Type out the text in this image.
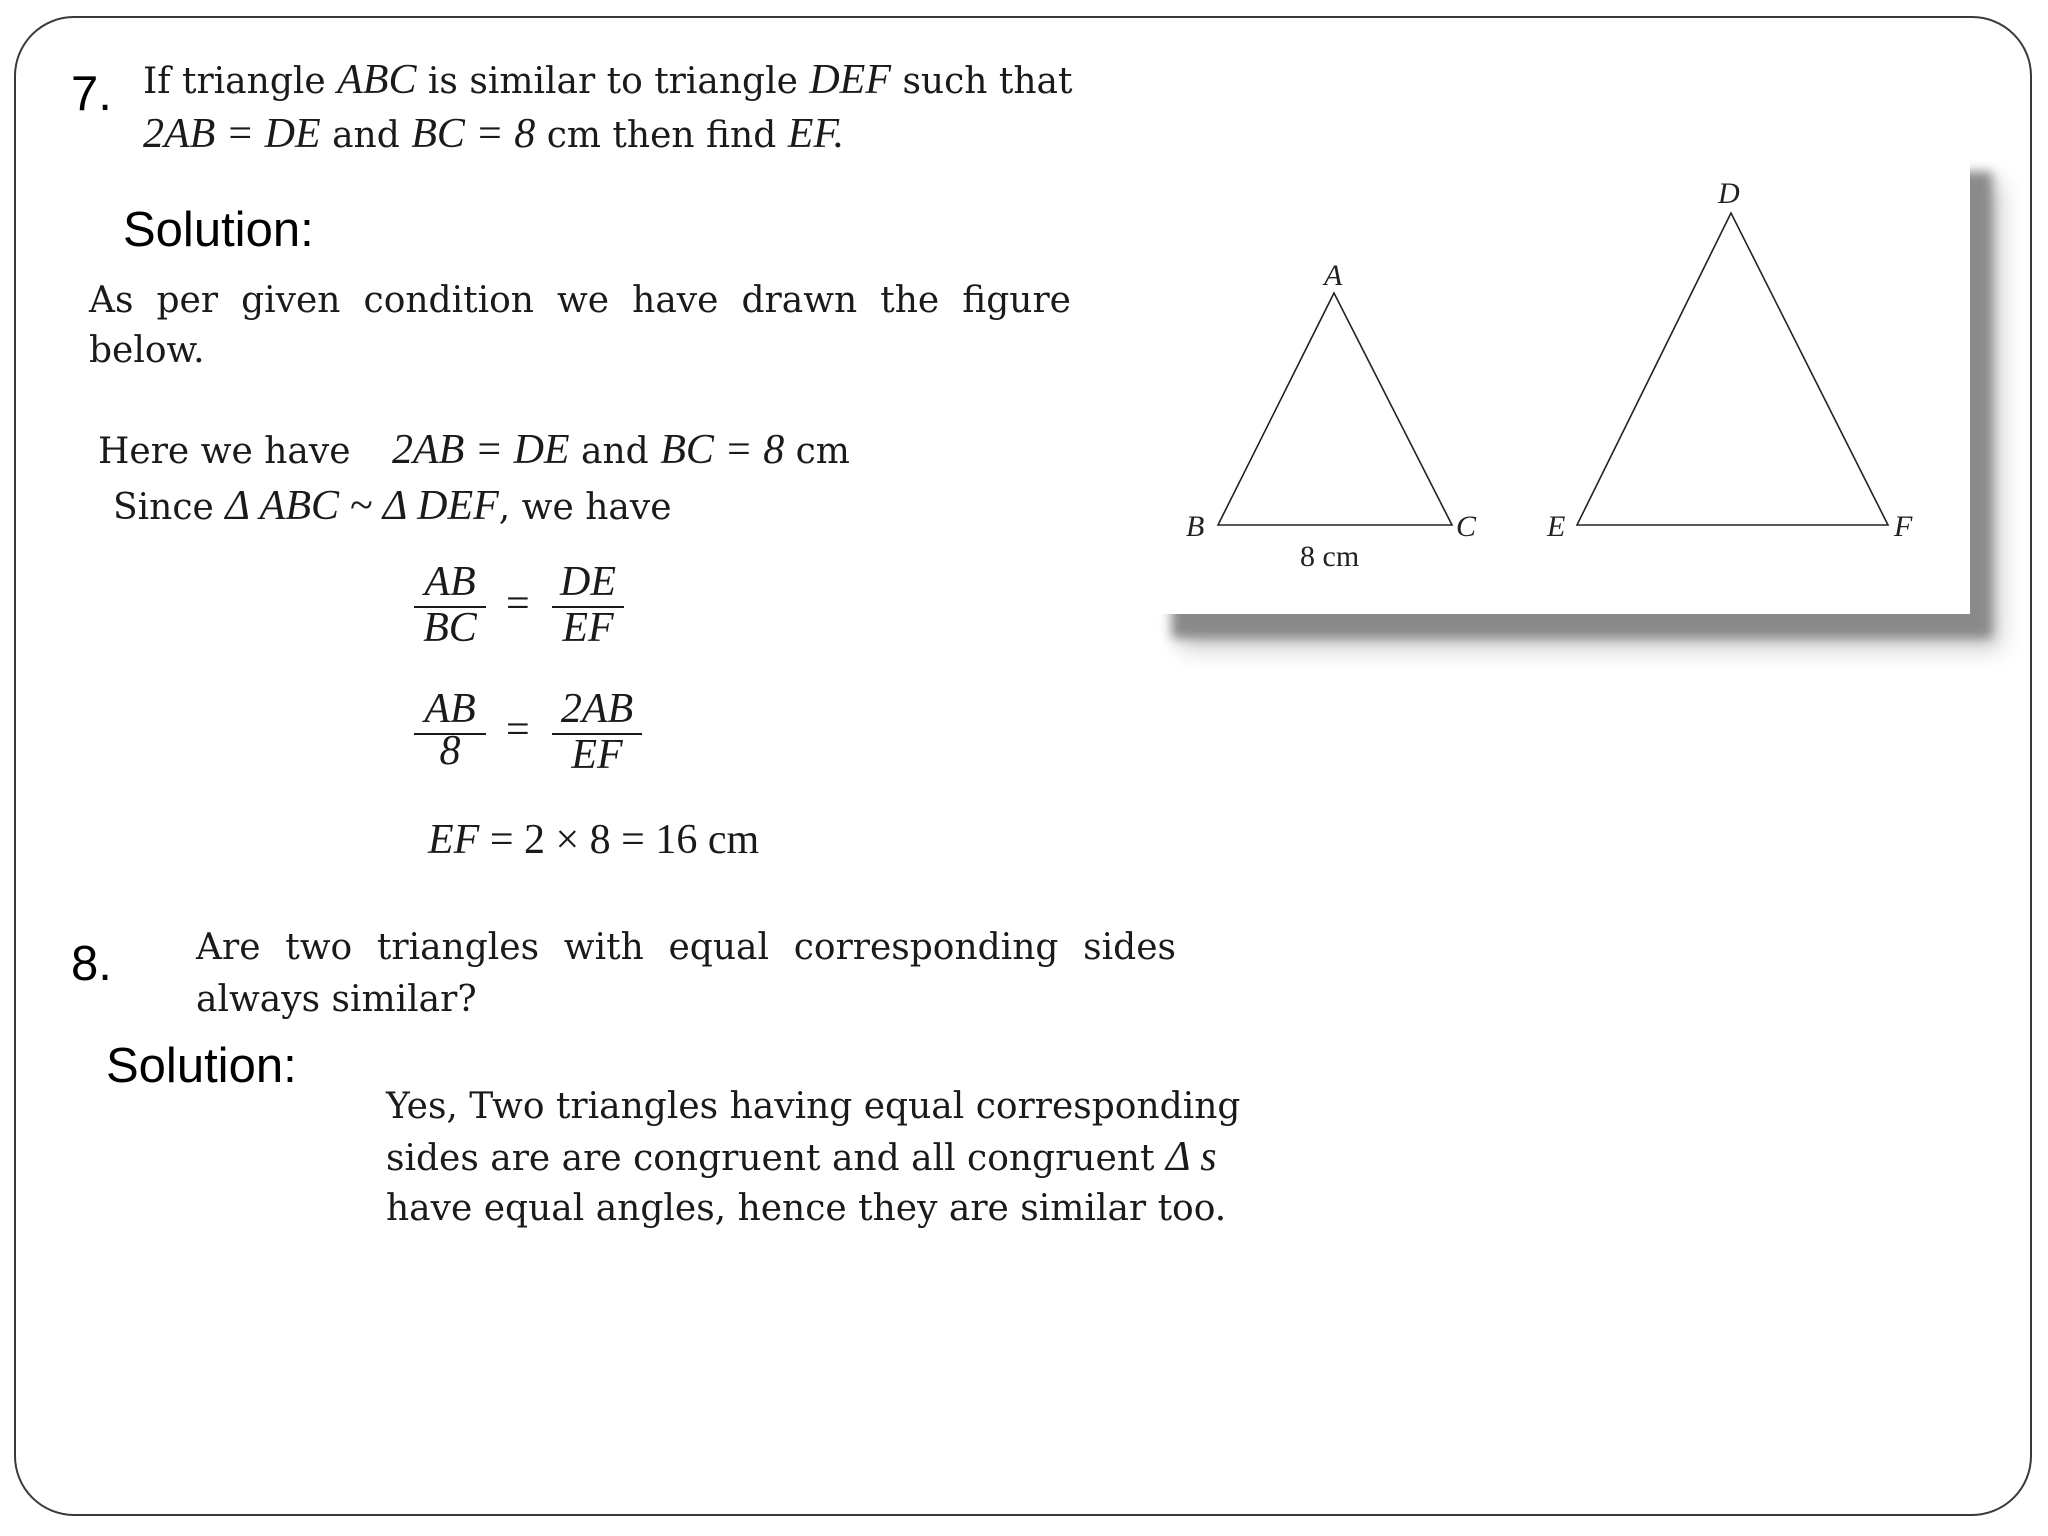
7. If triangle ABC is similar to triangle DEF such that
2AB = DE and BC = 8 cm then find EF.
Solution:
As per given condition we have drawn the figure
below.
Here we have 2AB = DE and BC = 8 cm
Since Δ ABC ~ Δ DEF, we have
AB
BC
= DE
EF
AB
8	= 2AB
EF
EF = 2 × 8 = 16 cm
A
B	C
8 cm
D
E	F
8. Are two triangles with equal corresponding sides
always similar?
Solution:
Yes, Two triangles having equal corresponding
sides are are congruent and all congruent Δ s
have equal angles, hence they are similar too.
